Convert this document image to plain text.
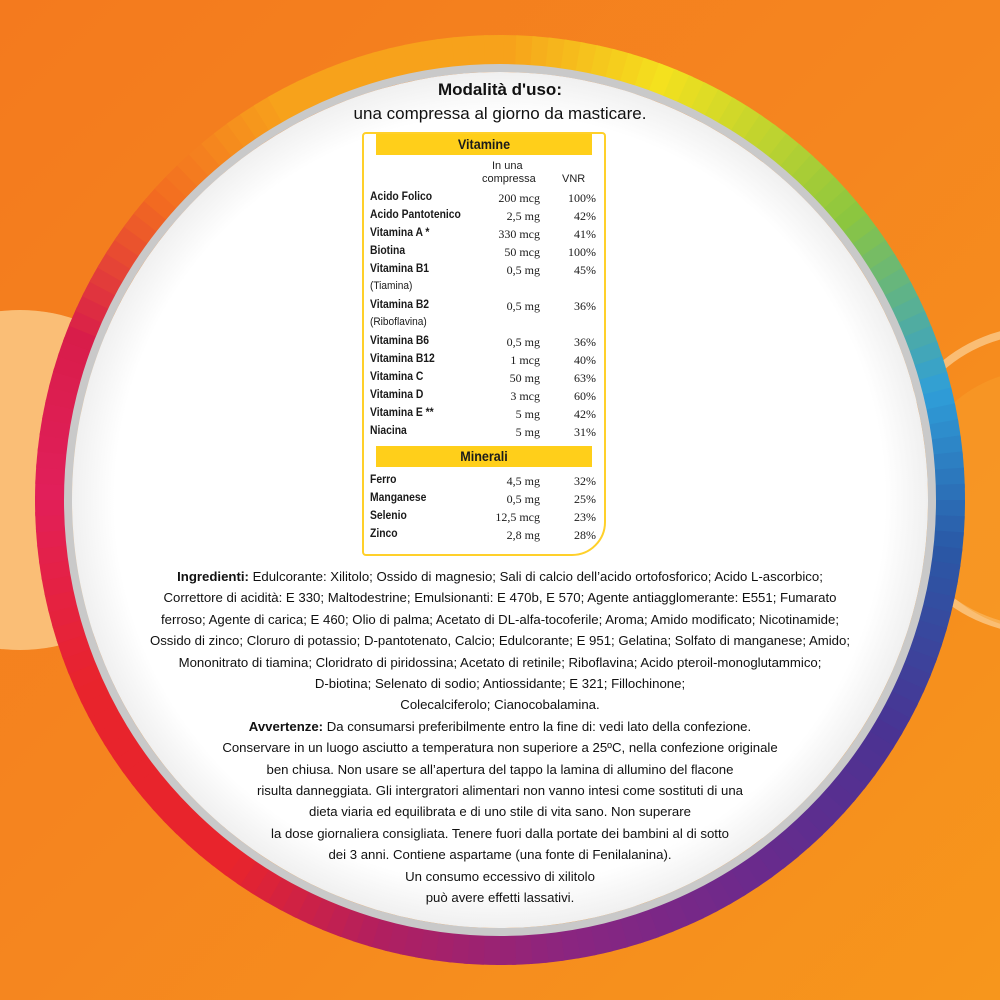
Modalità d'uso:
una compressa al giorno da masticare.
Vitamine
In una
compressa	VNR
Acido Folico	200 mcg 100%
Acido Pantotenico	2,5 mg	42%
Vitamina A *	330 mcg	41%
Biotina	50 mcg 100%
Vitamina B1
(Tiamina)
0,5 mg	45%
Vitamina B2
(Riboflavina)
0,5 mg	36%
Vitamina B6	0,5 mg	36%
Vitamina B12	1 mcg	40%
Vitamina C	50 mg	63%
Vitamina D	3 mcg	60%
Vitamina E **	5 mg	42%
Niacina	5 mg	31%
Minerali
Ferro	4,5 mg	32%
Manganese	0,5 mg	25%
Selenio	12,5 mcg	23%
Zinco	2,8 mg	28%
Ingredienti: Edulcorante: Xilitolo; Ossido di magnesio; Sali di calcio dell’acido ortofosforico; Acido L-ascorbico;
Correttore di acidità: E 330; Maltodestrine; Emulsionanti: E 470b, E 570; Agente antiagglomerante: E551; Fumarato
ferroso; Agente di carica; E 460; Olio di palma; Acetato di DL-alfa-tocoferile; Aroma; Amido modificato; Nicotinamide;
Ossido di zinco; Cloruro di potassio; D-pantotenato, Calcio; Edulcorante; E 951; Gelatina; Solfato di manganese; Amido;
Mononitrato di tiamina; Cloridrato di piridossina; Acetato di retinile; Riboflavina; Acido pteroil-monoglutammico;
D-biotina; Selenato di sodio; Antiossidante; E 321; Fillochinone;
Colecalciferolo; Cianocobalamina.
Avvertenze: Da consumarsi preferibilmente entro la fine di: vedi lato della confezione.
Conservare in un luogo asciutto a temperatura non superiore a 25ºC, nella confezione originale
ben chiusa. Non usare se all’apertura del tappo la lamina di allumino del flacone
risulta danneggiata. Gli intergratori alimentari non vanno intesi come sostituti di una
dieta viaria ed equilibrata e di uno stile di vita sano. Non superare
la dose giornaliera consigliata. Tenere fuori dalla portate dei bambini al di sotto
dei 3 anni. Contiene aspartame (una fonte di Fenilalanina).
Un consumo eccessivo di xilitolo
può avere effetti lassativi.
